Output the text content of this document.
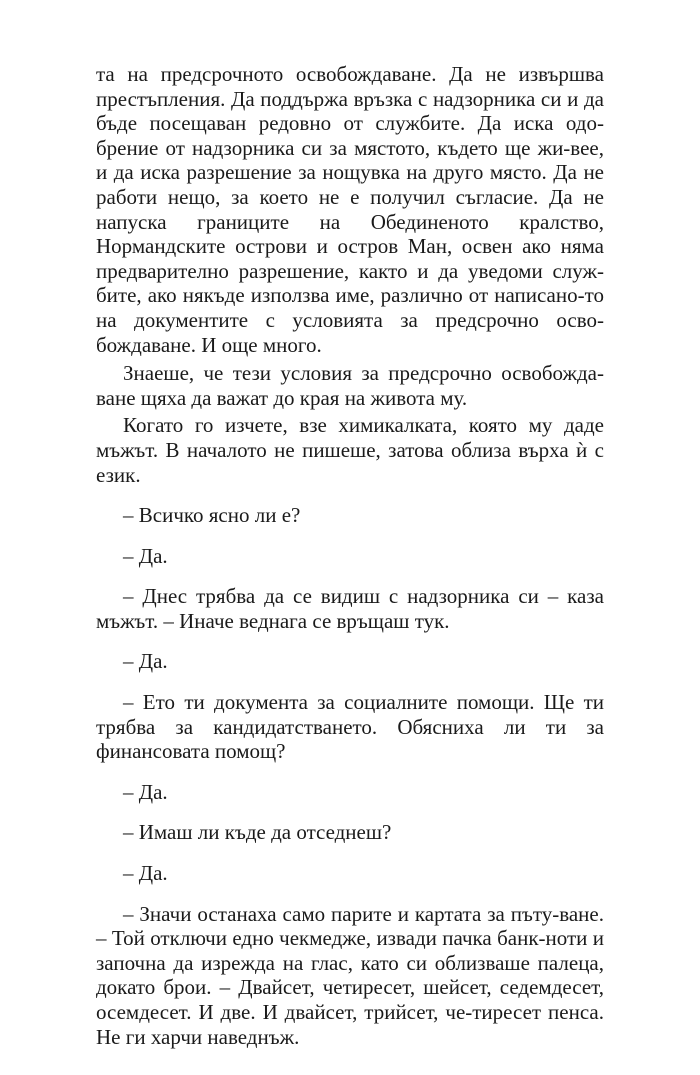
та на предсрочното освобождаване. Да не извършва престъпления. Да поддържа връзка с надзорника си и да бъде посещаван редовно от службите. Да иска одо-брение от надзорника си за мястото, където ще жи-вее, и да иска разрешение за нощувка на друго място. Да не работи нещо, за което не е получил съгласие. Да не напуска границите на Обединеното кралство, Нормандските острови и остров Ман, освен ако няма предварително разрешение, както и да уведоми служ-бите, ако някъде използва име, различно от написано-то на документите с условията за предсрочно осво-бождаване. И още много.

Знаеше, че тези условия за предсрочно освобожда-ване щяха да важат до края на живота му.

Когато го изчете, взе химикалката, която му даде мъжът. В началото не пишеше, затова облиза върха ѝ с език.

– Всичко ясно ли е?

– Да.

– Днес трябва да се видиш с надзорника си – каза мъжът. – Иначе веднага се връщаш тук.

– Да.

– Ето ти документа за социалните помощи. Ще ти трябва за кандидатстването. Обясниха ли ти за финансовата помощ?

– Да.

– Имаш ли къде да отседнеш?

– Да.

– Значи останаха само парите и картата за пъту-ване. – Той отключи едно чекмедже, извади пачка банк-ноти и започна да изрежда на глас, като си облизваше палеца, докато брои. – Двайсет, четиресет, шейсет, седемдесет, осемдесет. И две. И двайсет, трийсет, че-тиресет пенса. Не ги харчи наведнъж.
